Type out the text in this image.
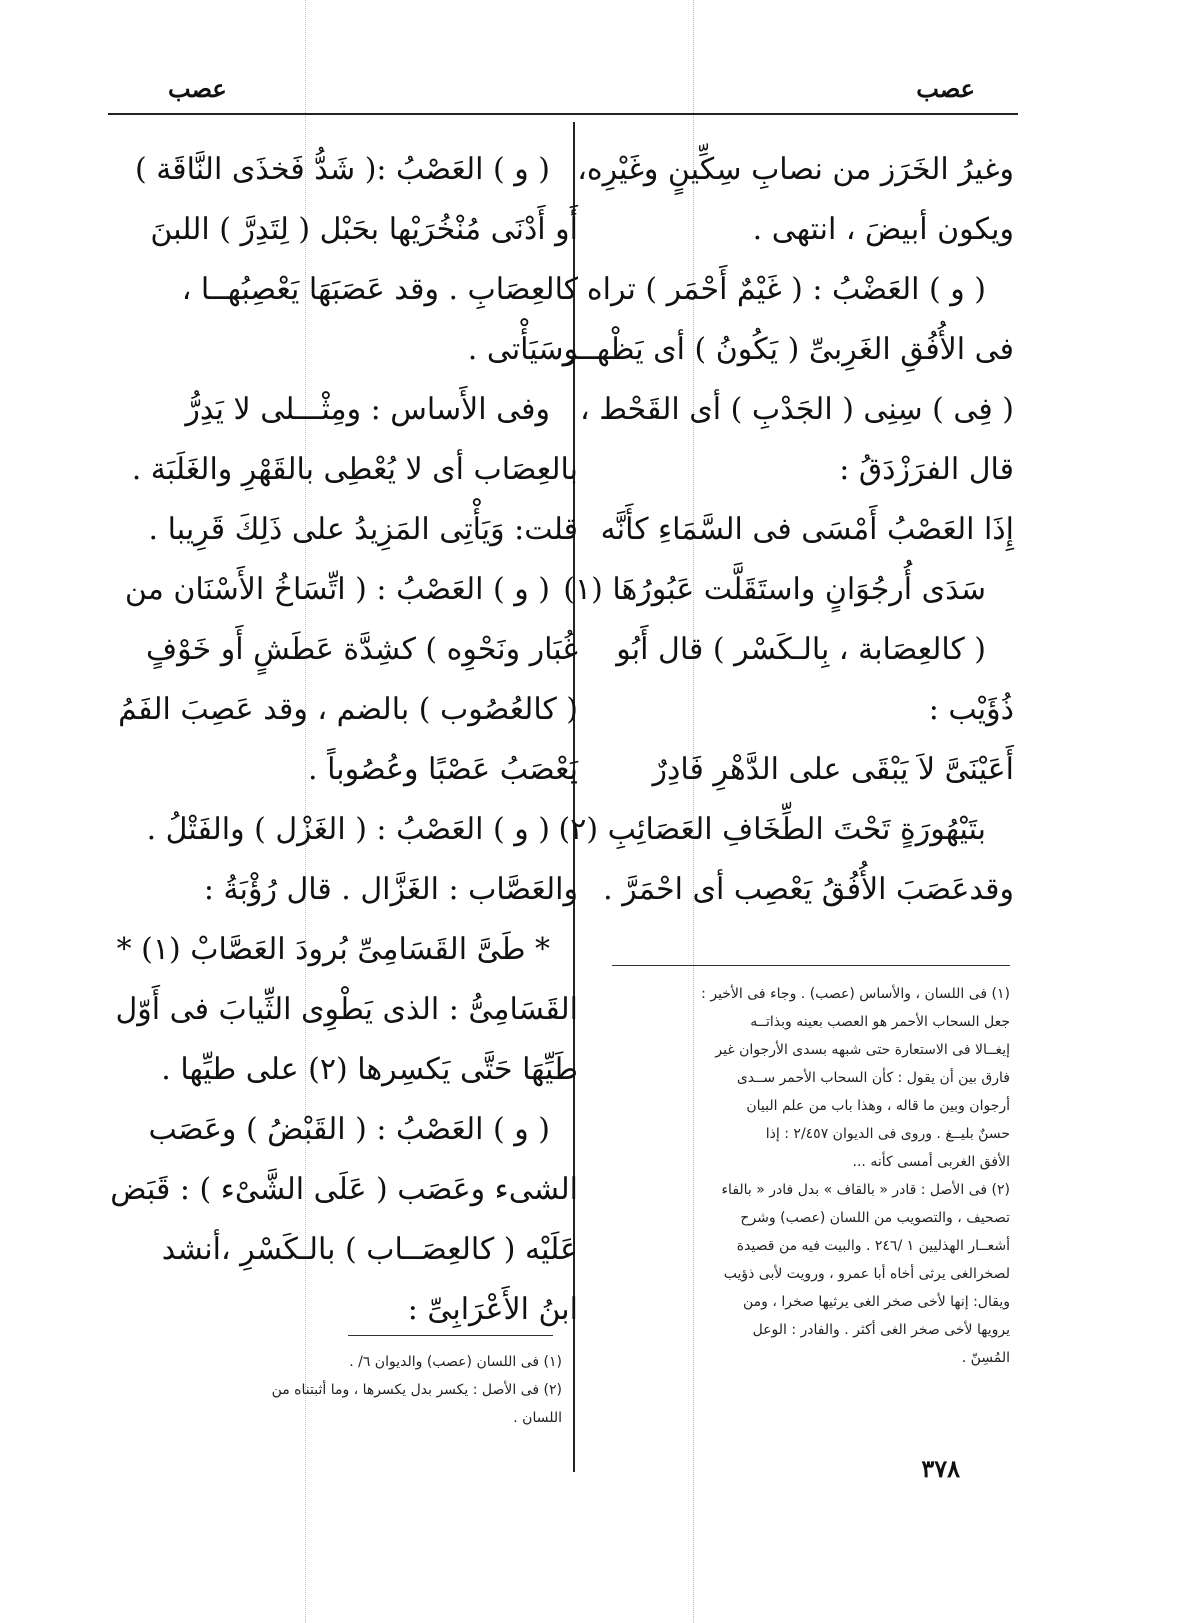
عصب
عصب
وغيرُ الخَرَز من نصابِ سِكِّينٍ وغَيْرِه،
ويكون أبيضَ ، انتهى .
( و ) العَضْبُ : ( غَيْمٌ أَحْمَر ) تراه
فى الأُفُقِ الغَرِبىِّ ( يَكُونُ ) أى يَظْهــر
( فِى ) سِنِى ( الجَدْبِ ) أى القَحْط ،
قال الفرَزْدَقُ :
إِذَا العَصْبُ أَمْسَى فى السَّمَاءِ كأَنَّه
سَدَى أُرجُوَانٍ واستَقَلَّت عَبُورُهَا (١)
( كالعِصَابة ، بِالـكَسْر ) قال أَبُو
ذُؤَيْب :
أَعَيْنَىَّ لاَ يَبْقَى على الدَّهْرِ فَادِرٌ
بتَيْهُورَةٍ تَحْتَ الطِّخَافِ العَصَائِبِ (٢)
وقدعَصَبَ الأُفُقُ يَعْصِب أى احْمَرَّ .
( و ) العَصْبُ :( شَدُّ فَخذَى النَّاقَة )
أَو أَدْنَى مُنْخُرَيْها بحَبْل ( لِتَدِرَّ ) اللبنَ
كالعِصَابِ . وقد عَصَبَهَا يَعْصِبُهــا ،
وسَيَأْتى .
وفى الأَساس : ومِثْـــلى لا يَدِرُّ
بالعِصَاب أى لا يُعْطِى بالقَهْرِ والغَلَبَة .
قلت: وَيَأْتِى المَزِيدُ على ذَلِكَ قَرِيبا .
( و ) العَصْبُ : ( اتِّسَاخُ الأَسْنَان من
غُبَار ونَحْوِه ) كشِدَّة عَطَشٍ أَو خَوْفٍ
( كالعُصُوب ) بالضم ، وقد عَصِبَ الفَمُ
يَعْصَبُ عَصْبًا وعُصُوباً .
( و ) العَصْبُ : ( الغَزْل ) والفَتْلُ .
والعَصَّاب : الغَزَّال . قال رُؤْبَةُ :
* طَىَّ القَسَامِىِّ بُرودَ العَصَّابْ (١) *
القَسَامِىُّ : الذى يَطْوِى الثِّيابَ فى أَوّل
طَيِّهَا حَتَّى يَكسِرها (٢) على طيِّها .
( و ) العَصْبُ : ( القَبْضُ ) وعَصَب
الشىء وعَصَب ( عَلَى الشَّىْء ) : قَبَض
عَلَيْه ( كالعِصَــاب ) بالـكَسْرِ ،أنشد
ابنُ الأَعْرَابِىِّ :
(١) فى اللسان ، والأساس (عصب) . وجاء فى الأخير :
جعل السحاب الأحمر هو العصب بعينه وبذاتــه
إيغــالا فى الاستعارة حتى شبهه بسدى الأرجوان غير
فارق بين أن يقول : كأن السحاب الأحمر ســدى
أرجوان وبين ما قاله ، وهذا باب من علم البيان
حسنٌ بليــغ . وروى فى الديوان ٢/٤٥٧ : إذا
الأفق الغربى أمسى كأنه ...
(٢) فى الأصل : قادر « بالقاف » بدل فادر « بالفاء
تصحيف ، والتصويب من اللسان (عصب) وشرح
أشعــار الهذليين ١ /٢٤٦ . والبيت فيه من قصيدة
لصخرالغى يرثى أخاه أبا عمرو ، ورويت لأبى ذؤيب
ويقال: إنها لأخى صخر الغى يرثيها صخرا ، ومن
يرويها لأخى صخر الغى أكثر . والفادر : الوعل
المُسِنّ .
(١) فى اللسان (عصب) والديوان ٦/ .
(٢) فى الأصل : يكسر بدل يكسرها ، وما أثبتناه من
اللسان .
٣٧٨
